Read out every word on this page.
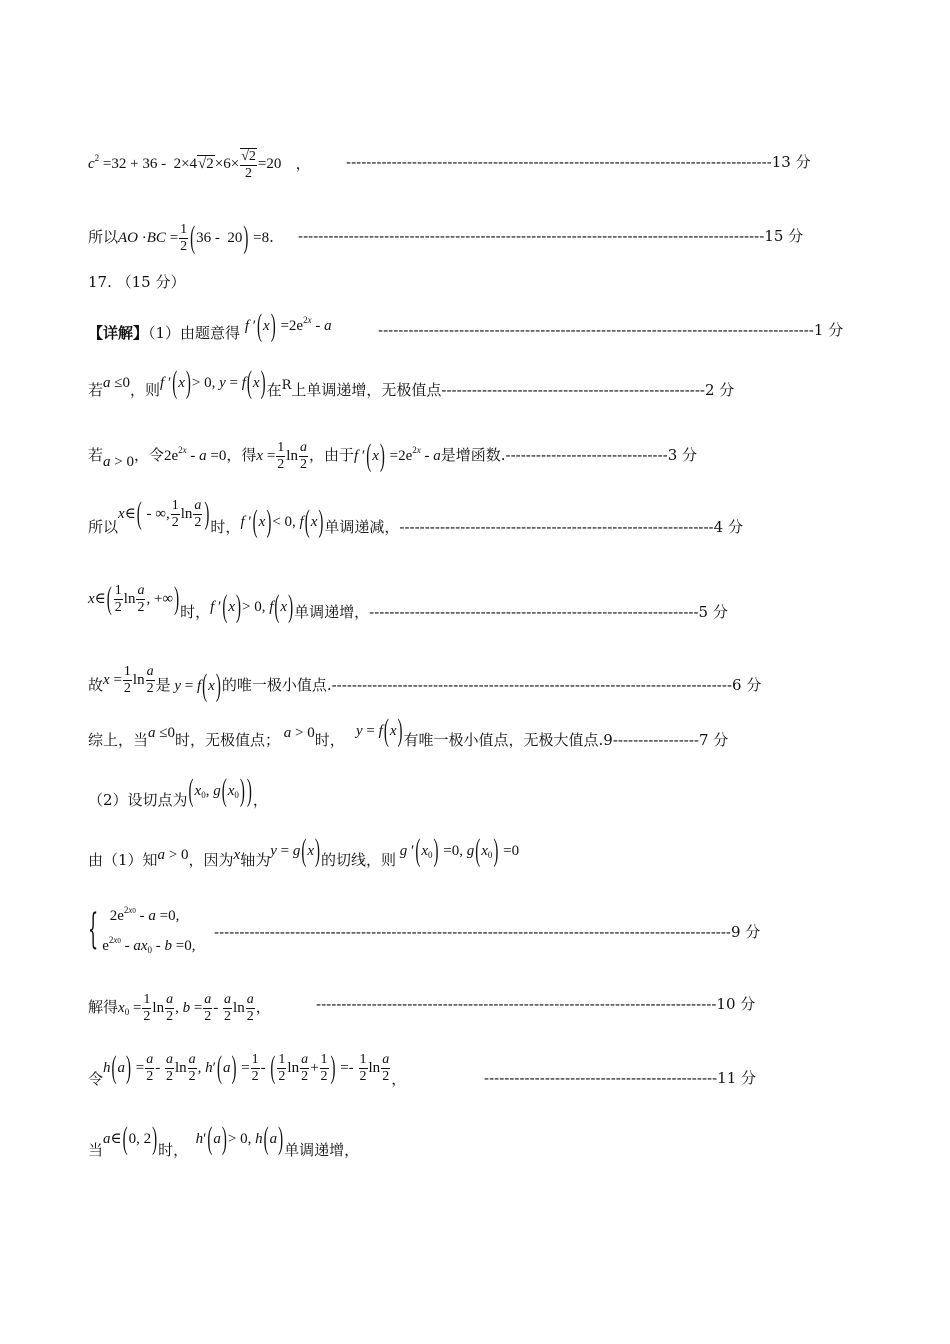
$c^2 =32 + 36 - 2\times 4√2\times 6\times \frac{√2}{2} =20$   ， ------------------------------------------------------------------------------------13 分
所以AO $\cdot BC = \frac{1}{2} (36 - 20) =8$. --------------------------------------------------------------------------------------------15 分
17. （15 分）
【详解】（1）由题意得 f $'(x) =2e^{2x} - a$	--------------------------------------------------------------------------------------1 分
若a ≤0，则f ′(x)> 0, y = f(x)在R上单调递增，无极值点----------------------------------------------------2 分
若a > 0，令$2e^{2x} - a =0$，得$x = \frac{1}{2}$ $\ln \frac{a}{2}$ ，由于f $'(x) =2e^{2x} - a$是增函数.--------------------------------3 分
所以x∈( - ∞, $\frac{1}{2}$ $\ln \frac{a}{2}$ )时，f ′(x)< 0, f(x)单调递减，--------------------------------------------------------------4 分
x∈( $\frac{1}{2}$ $\ln \frac{a}{2}$ , +∞)时，f ′(x)> 0, f(x)单调递增，-----------------------------------------------------------------5 分
故$x = \frac{1}{2}$ $\ln \frac{a}{2}$ 是 y = f(x)的唯一极小值点.-------------------------------------------------------------------------------6 分
综上，当a ≤0时，无极值点； a > 0时， y = f(x)有唯一极小值点，无极大值点.9-----------------7 分
（2）设切点为($x_0$, $g(x_0)$ )，
由（1）知a > 0，因为x轴为y = g(x)的切线，则 g $'(x_0) =0$, $g(x_0) =0$
{ $2e^{2x0} - a =0$,
$e^{2x0} - ax_0 - b =0$,
------------------------------------------------------------------------------------------------------9 分
解得$x_0 = \frac{1}{2}$ $\ln \frac{a}{2}$ , $b = \frac{a}{2} - \frac{a}{2}$ $\ln \frac{a}{2}$ ，	-------------------------------------------------------------------------------10 分
令$h(a) = \frac{a}{2} - \frac{a}{2}$ $\ln \frac{a}{2}$ , $h'(a) = \frac{1}{2}$ - ( $\frac{1}{2}$ $\ln \frac{a}{2} + \frac{1}{2}$ ) =- $\frac{1}{2}$ $\ln \frac{a}{2}$ ，	----------------------------------------------11 分
当a∈(0, 2)时，  h′(a)> 0, h(a)单调递增，
